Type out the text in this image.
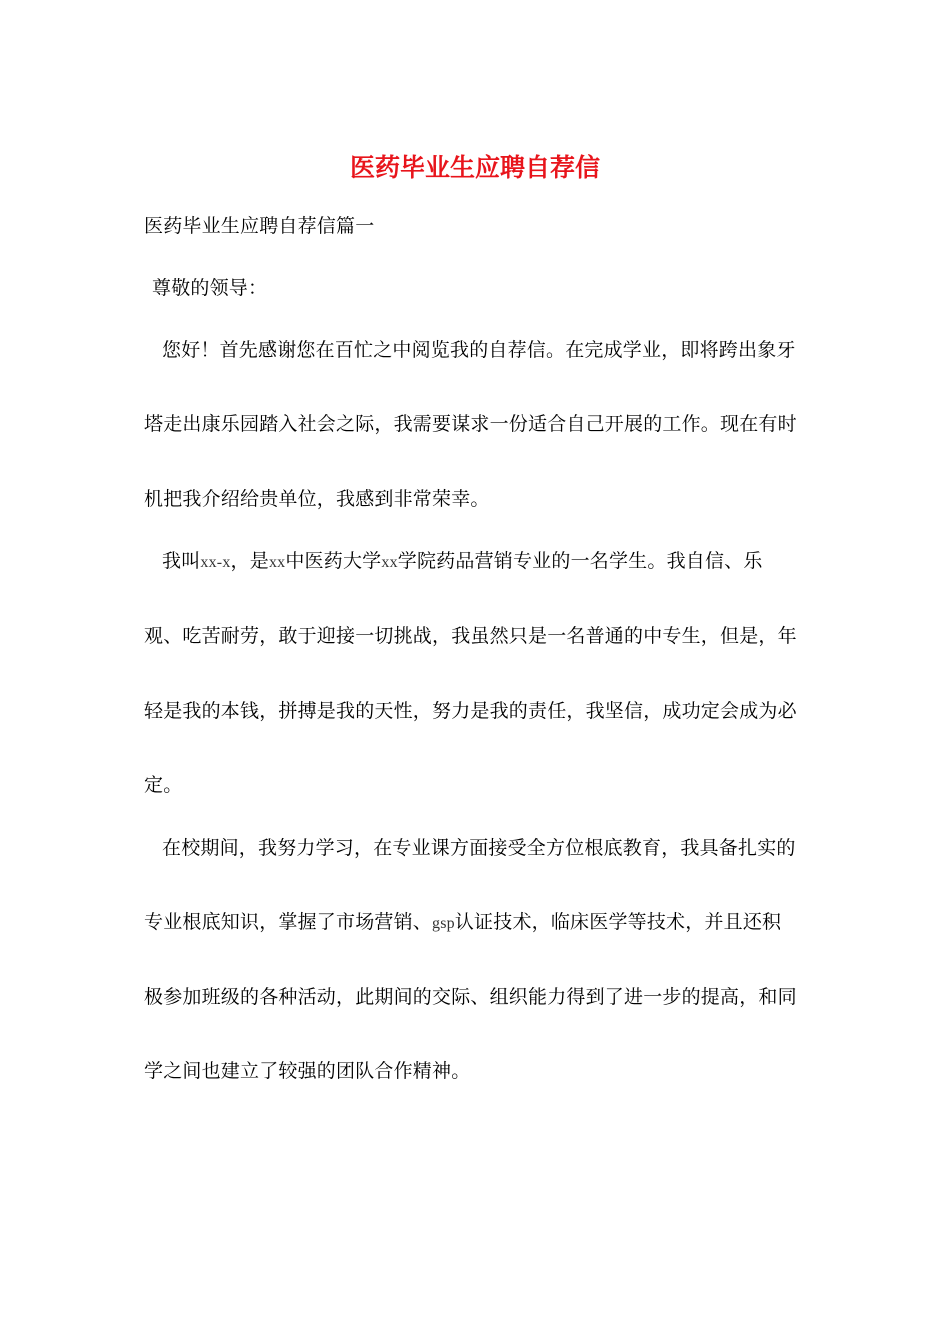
医药毕业生应聘自荐信

医药毕业生应聘自荐信篇一

尊敬的领导：

您好！首先感谢您在百忙之中阅览我的自荐信。在完成学业，即将跨出象牙

塔走出康乐园踏入社会之际，我需要谋求一份适合自己开展的工作。现在有时

机把我介绍给贵单位，我感到非常荣幸。

我叫xx-x，是xx中医药大学xx学院药品营销专业的一名学生。我自信、乐

观、吃苦耐劳，敢于迎接一切挑战，我虽然只是一名普通的中专生，但是，年

轻是我的本钱，拼搏是我的天性，努力是我的责任，我坚信，成功定会成为必

定。

在校期间，我努力学习，在专业课方面接受全方位根底教育，我具备扎实的

专业根底知识，掌握了市场营销、gsp认证技术，临床医学等技术，并且还积

极参加班级的各种活动，此期间的交际、组织能力得到了进一步的提高，和同

学之间也建立了较强的团队合作精神。
